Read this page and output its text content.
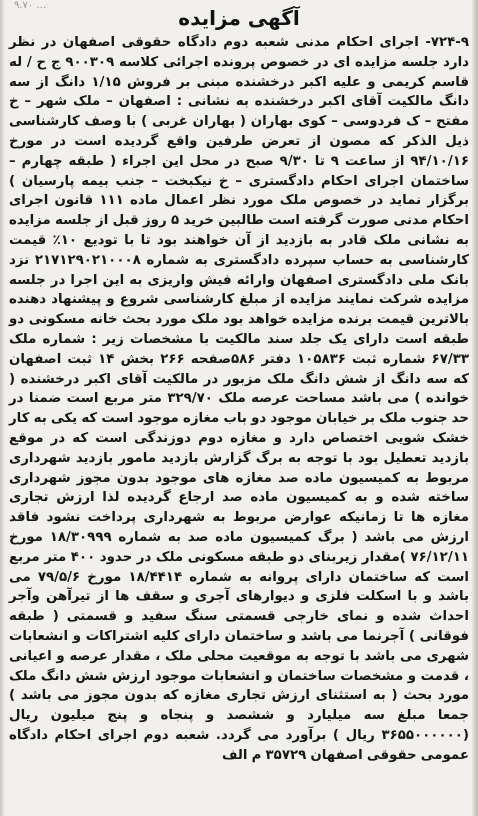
۹.۷۰ ...
آگهی مزایده
۷۲۴-۹- اجرای احکام مدنی شعبه دوم دادگاه حقوقی اصفهان در نظر دارد جلسه مزایده ای در خصوص پرونده اجرائی کلاسه ۹۰۰۳۰۹ ج ح / له قاسم کریمی و علیه اکبر درخشنده مبنی بر فروش ۱/۱۵ دانگ از سه دانگ مالکیت آقای اکبر درخشنده به نشانی : اصفهان – ملک شهر – خ مفتح – ک فردوسی – کوی بهاران ( بهاران غربی ) با وصف کارشناسی ذیل الذکر که مصون از تعرض طرفین واقع گردیده است در مورخ ۹۴/۱۰/۱۶ از ساعت ۹ تا ۹/۳۰ صبح در محل این اجراء ( طبقه چهارم – ساختمان اجرای احکام دادگستری – خ نیکبخت – جنب بیمه پارسیان ) برگزار نماید در خصوص ملک مورد نظر اعمال ماده ۱۱۱ قانون اجرای احکام مدنی صورت گرفته است طالبین خرید ۵ روز قبل از جلسه مزایده به نشانی ملک قادر به بازدید از آن خواهند بود تا با تودیع ۱۰٪ قیمت کارشناسی به حساب سپرده دادگستری به شماره ۲۱۷۱۲۹۰۲۱۰۰۰۸ نزد بانک ملی دادگستری اصفهان وارائه فیش واریزی به این اجرا در جلسه مزایده شرکت نمایند مزایده از مبلغ کارشناسی شروع و پیشنهاد دهنده بالاترین قیمت برنده مزایده خواهد بود ملک مورد بحث خانه مسکونی دو طبقه است دارای یک جلد سند مالکیت با مشخصات زیر : شماره ملک ۶۷/۳۳ شماره ثبت ۱۰۵۸۳۶ دفتر ۵۸۶صفحه ۲۶۶ بخش ۱۴ ثبت اصفهان که سه دانگ از شش دانگ ملک مزبور در مالکیت آقای اکبر درخشنده ( خوانده ) می باشد مساحت عرصه ملک ۳۲۹/۷۰ متر مربع است ضمنا در حد جنوب ملک بر خیابان موجود دو باب مغازه موجود است که یکی به کار خشک شویی اختصاص دارد و مغازه دوم دوزندگی است که در موقع بازدید تعطیل بود با توجه به برگ گزارش بازدید مامور بازدید شهرداری مربوط به کمیسیون ماده صد مغازه های موجود بدون مجوز شهرداری ساخته شده و به کمیسیون ماده صد ارجاع گردیده لذا ارزش تجاری مغازه ها تا زمانیکه عوارض مربوط به شهرداری پرداخت نشود فاقد ارزش می باشد ( برگ کمیسیون ماده صد به شماره ۱۸/۳۰۹۹۹ مورخ ۷۶/۱۲/۱۱ )مقدار زیربنای دو طبقه مسکونی ملک در حدود ۴۰۰ متر مربع است که ساختمان دارای پروانه به شماره ۱۸/۴۴۱۴ مورخ ۷۹/۵/۶ می باشد و با اسکلت فلزی و دیوارهای آجری و سقف ها از تیرآهن وآجر احداث شده و نمای خارجی قسمتی سنگ سفید و قسمتی ( طبقه فوقانی ) آجرنما می باشد و ساختمان دارای کلیه اشتراکات و انشعابات شهری می باشد با توجه به موقعیت محلی ملک ، مقدار عرصه و اعیانی ، قدمت و مشخصات ساختمان و انشعابات موجود ارزش شش دانگ ملک مورد بحث ( به استثنای ارزش تجاری مغازه که بدون مجوز می باشد ) جمعا مبلغ سه میلیارد و ششصد و پنجاه و پنج میلیون ریال (۳۶۵۵۰۰۰۰۰۰ ریال ) برآورد می گردد. شعبه دوم اجرای احکام دادگاه عمومی حقوقی اصفهان ۳۵۷۲۹ م الف
